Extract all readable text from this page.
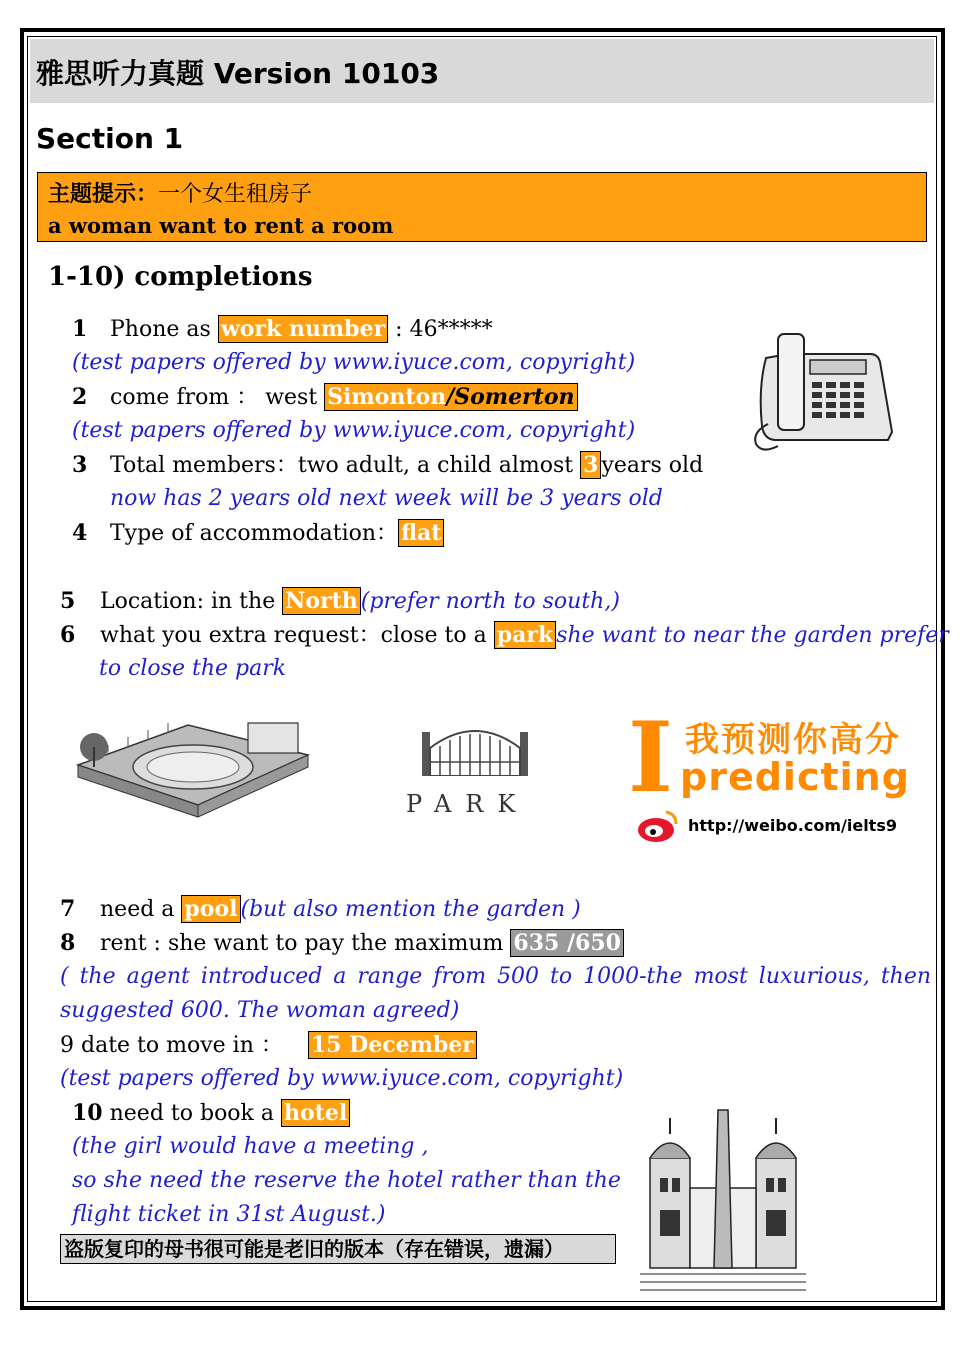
雅思听力真题 Version 10103
Section 1
主题提示：一个女生租房子
a woman want to rent a room
1-10) completions
1 Phone as work number : 46*****
(test papers offered by www.iyuce.com, copyright)
2 come from ： west Simonton/Somerton
(test papers offered by www.iyuce.com, copyright)
3 Total members：two adult, a child almost 3 years old
now has 2 years old next week will be 3 years old
4 Type of accommodation： flat
5 Location: in the North (prefer north to south,)
6 what you extra request：close to a park she want to near the garden prefer
to close the park
PARK I 我预测你高分
predicting
http://weibo.com/ielts9
7 need a pool (but also mention the garden )
8 rent : she want to pay the maximum 635 /650
( the agent introduced a range from 500 to 1000-the most luxurious, then
suggested 600. The woman agreed)
9 date to move in ： 15 December
(test papers offered by www.iyuce.com, copyright)
10 need to book a hotel
(the girl would have a meeting ,
so she need the reserve the hotel rather than the
flight ticket in 31st August.)
盗版复印的母书很可能是老旧的版本（存在错误，遗漏）
